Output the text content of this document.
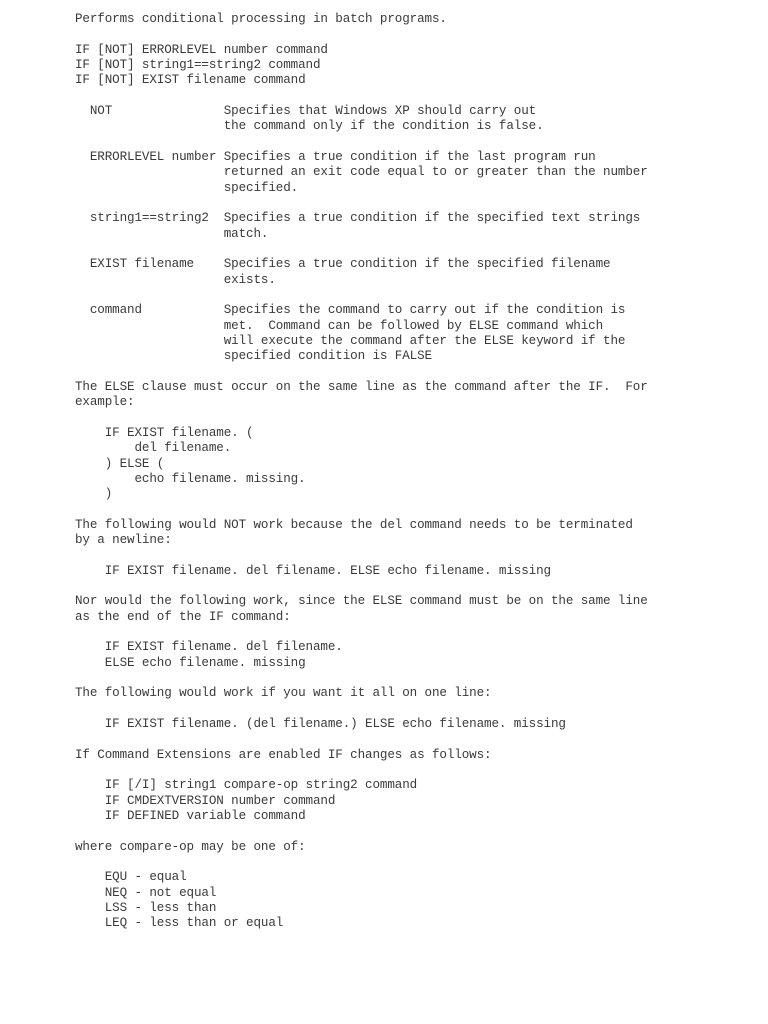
Performs conditional processing in batch programs.
IF [NOT] ERRORLEVEL number command
IF [NOT] string1==string2 command
IF [NOT] EXIST filename command
NOT               Specifies that Windows XP should carry out
the command only if the condition is false.
ERRORLEVEL number Specifies a true condition if the last program run
returned an exit code equal to or greater than the number
specified.
string1==string2  Specifies a true condition if the specified text strings
match.
EXIST filename    Specifies a true condition if the specified filename
exists.
command           Specifies the command to carry out if the condition is
met.  Command can be followed by ELSE command which
will execute the command after the ELSE keyword if the
specified condition is FALSE
The ELSE clause must occur on the same line as the command after the IF.  For
example:
IF EXIST filename. (
del filename.
) ELSE (
echo filename. missing.
)
The following would NOT work because the del command needs to be terminated
by a newline:
IF EXIST filename. del filename. ELSE echo filename. missing
Nor would the following work, since the ELSE command must be on the same line
as the end of the IF command:
IF EXIST filename. del filename.
ELSE echo filename. missing
The following would work if you want it all on one line:
IF EXIST filename. (del filename.) ELSE echo filename. missing
If Command Extensions are enabled IF changes as follows:
IF [/I] string1 compare-op string2 command
IF CMDEXTVERSION number command
IF DEFINED variable command
where compare-op may be one of:
EQU - equal
NEQ - not equal
LSS - less than
LEQ - less than or equal
